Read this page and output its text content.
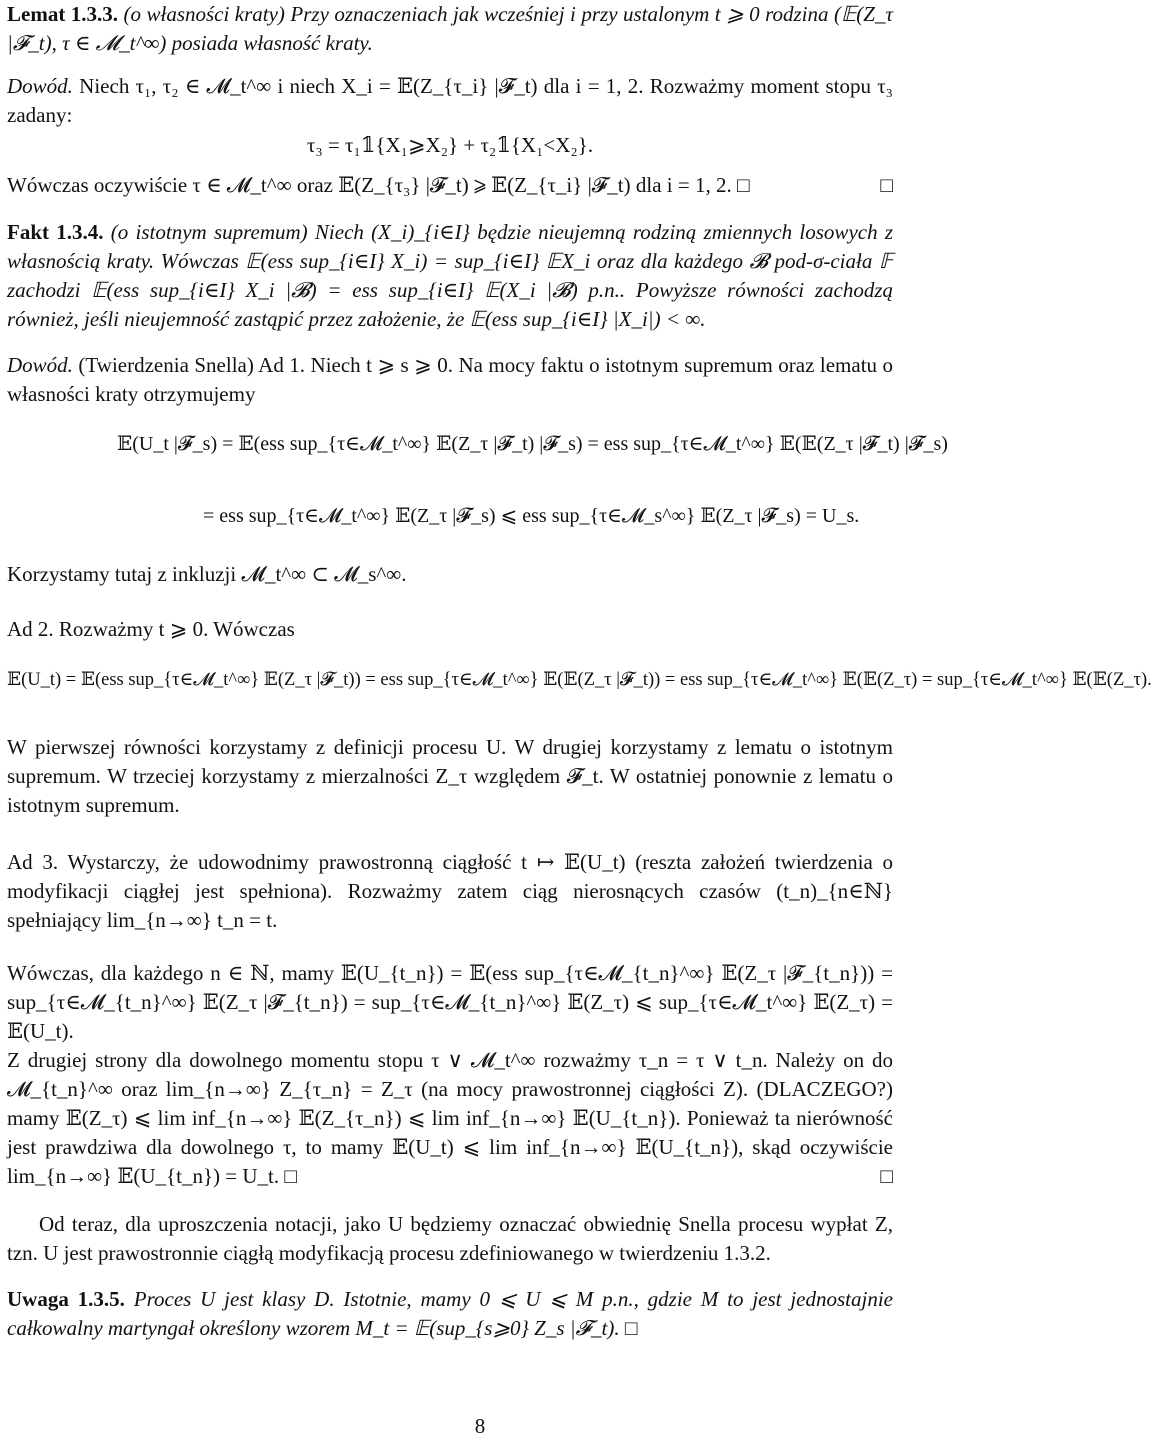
Lemat 1.3.3. (o własności kraty) Przy oznaczeniach jak wcześniej i przy ustalonym t ⩾ 0 rodzina (𝔼(Z_τ |𝓕_t), τ ∈ 𝓜_t^∞) posiada własność kraty.
Dowód. Niech τ₁, τ₂ ∈ 𝓜_t^∞ i niech X_i = 𝔼(Z_{τ_i} |𝓕_t) dla i = 1, 2. Rozważmy moment stopu τ₃ zadany:
τ₃ = τ₁𝟙{X₁⩾X₂} + τ₂𝟙{X₁<X₂}.
Wówczas oczywiście τ ∈ 𝓜_t^∞ oraz 𝔼(Z_{τ₃} |𝓕_t) ⩾ 𝔼(Z_{τ_i} |𝓕_t) dla i = 1, 2. □	□
Fakt 1.3.4. (o istotnym supremum) Niech (X_i)_{i∈I} będzie nieujemną rodziną zmiennych losowych z własnością kraty. Wówczas 𝔼(ess sup_{i∈I} X_i) = sup_{i∈I} 𝔼X_i oraz dla każdego 𝓑 pod-σ-ciała 𝔽 zachodzi 𝔼(ess sup_{i∈I} X_i |𝓑) = ess sup_{i∈I} 𝔼(X_i |𝓑) p.n.. Powyższe równości zachodzą również, jeśli nieujemność zastąpić przez założenie, że 𝔼(ess sup_{i∈I} |X_i|) < ∞.
Dowód. (Twierdzenia Snella) Ad 1. Niech t ⩾ s ⩾ 0. Na mocy faktu o istotnym supremum oraz lematu o własności kraty otrzymujemy
𝔼(U_t |𝓕_s) = 𝔼(ess sup_{τ∈𝓜_t^∞} 𝔼(Z_τ |𝓕_t) |𝓕_s) = ess sup_{τ∈𝓜_t^∞} 𝔼(𝔼(Z_τ |𝓕_t) |𝓕_s)
= ess sup_{τ∈𝓜_t^∞} 𝔼(Z_τ |𝓕_s) ⩽ ess sup_{τ∈𝓜_s^∞} 𝔼(Z_τ |𝓕_s) = U_s.
Korzystamy tutaj z inkluzji 𝓜_t^∞ ⊂ 𝓜_s^∞.
Ad 2. Rozważmy t ⩾ 0. Wówczas
𝔼(U_t) = 𝔼(ess sup_{τ∈𝓜_t^∞} 𝔼(Z_τ |𝓕_t)) = ess sup_{τ∈𝓜_t^∞} 𝔼(𝔼(Z_τ |𝓕_t)) = ess sup_{τ∈𝓜_t^∞} 𝔼(𝔼(Z_τ) = sup_{τ∈𝓜_t^∞} 𝔼(𝔼(Z_τ).
W pierwszej równości korzystamy z definicji procesu U. W drugiej korzystamy z lematu o istotnym supremum. W trzeciej korzystamy z mierzalności Z_τ względem 𝓕_t. W ostatniej ponownie z lematu o istotnym supremum.
Ad 3. Wystarczy, że udowodnimy prawostronną ciągłość t ↦ 𝔼(U_t) (reszta założeń twierdzenia o modyfikacji ciągłej jest spełniona). Rozważmy zatem ciąg nierosnących czasów (t_n)_{n∈ℕ} spełniający lim_{n→∞} t_n = t.
Wówczas, dla każdego n ∈ ℕ, mamy 𝔼(U_{t_n}) = 𝔼(ess sup_{τ∈𝓜_{t_n}^∞} 𝔼(Z_τ |𝓕_{t_n})) = sup_{τ∈𝓜_{t_n}^∞} 𝔼(Z_τ |𝓕_{t_n}) = sup_{τ∈𝓜_{t_n}^∞} 𝔼(Z_τ) ⩽ sup_{τ∈𝓜_t^∞} 𝔼(Z_τ) = 𝔼(U_t).
Z drugiej strony dla dowolnego momentu stopu τ ∨ 𝓜_t^∞ rozważmy τ_n = τ ∨ t_n. Należy on do 𝓜_{t_n}^∞ oraz lim_{n→∞} Z_{τ_n} = Z_τ (na mocy prawostronnej ciągłości Z). (DLACZEGO?) mamy 𝔼(Z_τ) ⩽ lim inf_{n→∞} 𝔼(Z_{τ_n}) ⩽ lim inf_{n→∞} 𝔼(U_{t_n}). Ponieważ ta nierówność jest prawdziwa dla dowolnego τ, to mamy 𝔼(U_t) ⩽ lim inf_{n→∞} 𝔼(U_{t_n}), skąd oczywiście lim_{n→∞} 𝔼(U_{t_n}) = U_t. □	□
Od teraz, dla uproszczenia notacji, jako U będziemy oznaczać obwiednię Snella procesu wypłat Z, tzn. U jest prawostronnie ciągłą modyfikacją procesu zdefiniowanego w twierdzeniu 1.3.2.
Uwaga 1.3.5. Proces U jest klasy D. Istotnie, mamy 0 ⩽ U ⩽ M p.n., gdzie M to jest jednostajnie całkowalny martyngał określony wzorem M_t = 𝔼(sup_{s⩾0} Z_s |𝓕_t). □
8
